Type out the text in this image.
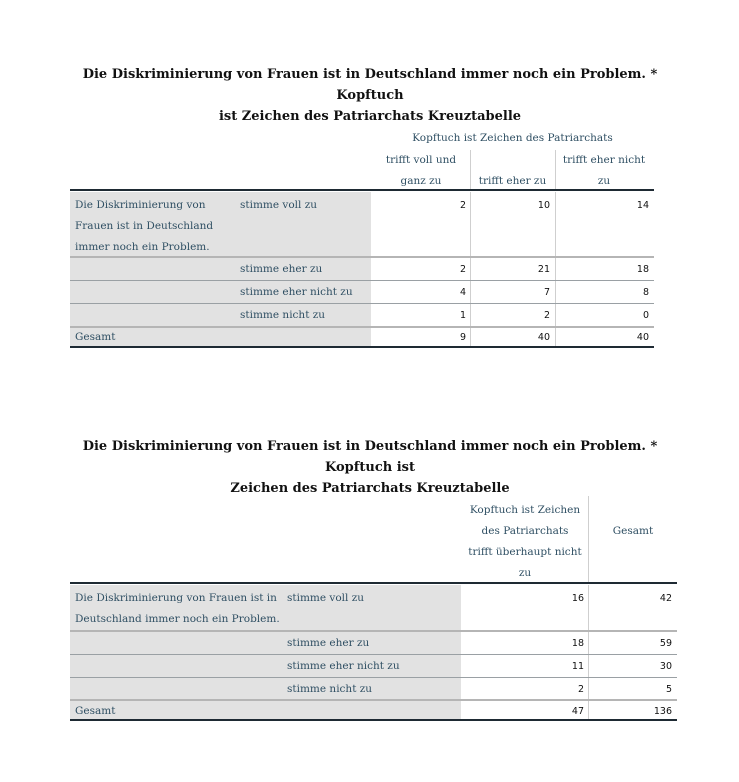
Die Diskriminierung von Frauen ist in Deutschland immer noch ein Problem. * Kopftuch
ist Zeichen des Patriarchats Kreuztabelle
Kopftuch ist Zeichen des Patriarchats
trifft voll und
ganz zu	trifft eher zu
trifft eher nicht
zu
Die Diskriminierung von
Frauen ist in Deutschland
immer noch ein Problem.
stimme voll zu	2	10	14
stimme eher zu	2	21	18
stimme eher nicht zu	4	7	8
stimme nicht zu	1	2	0
Gesamt	9	40	40
Die Diskriminierung von Frauen ist in Deutschland immer noch ein Problem. * Kopftuch ist
Zeichen des Patriarchats Kreuztabelle
Kopftuch ist Zeichen
des Patriarchats
trifft überhaupt nicht
zu
Gesamt
Die Diskriminierung von Frauen ist in
Deutschland immer noch ein Problem.
stimme voll zu	16	42
stimme eher zu	18	59
stimme eher nicht zu	11	30
stimme nicht zu	2	5
Gesamt	47	136
